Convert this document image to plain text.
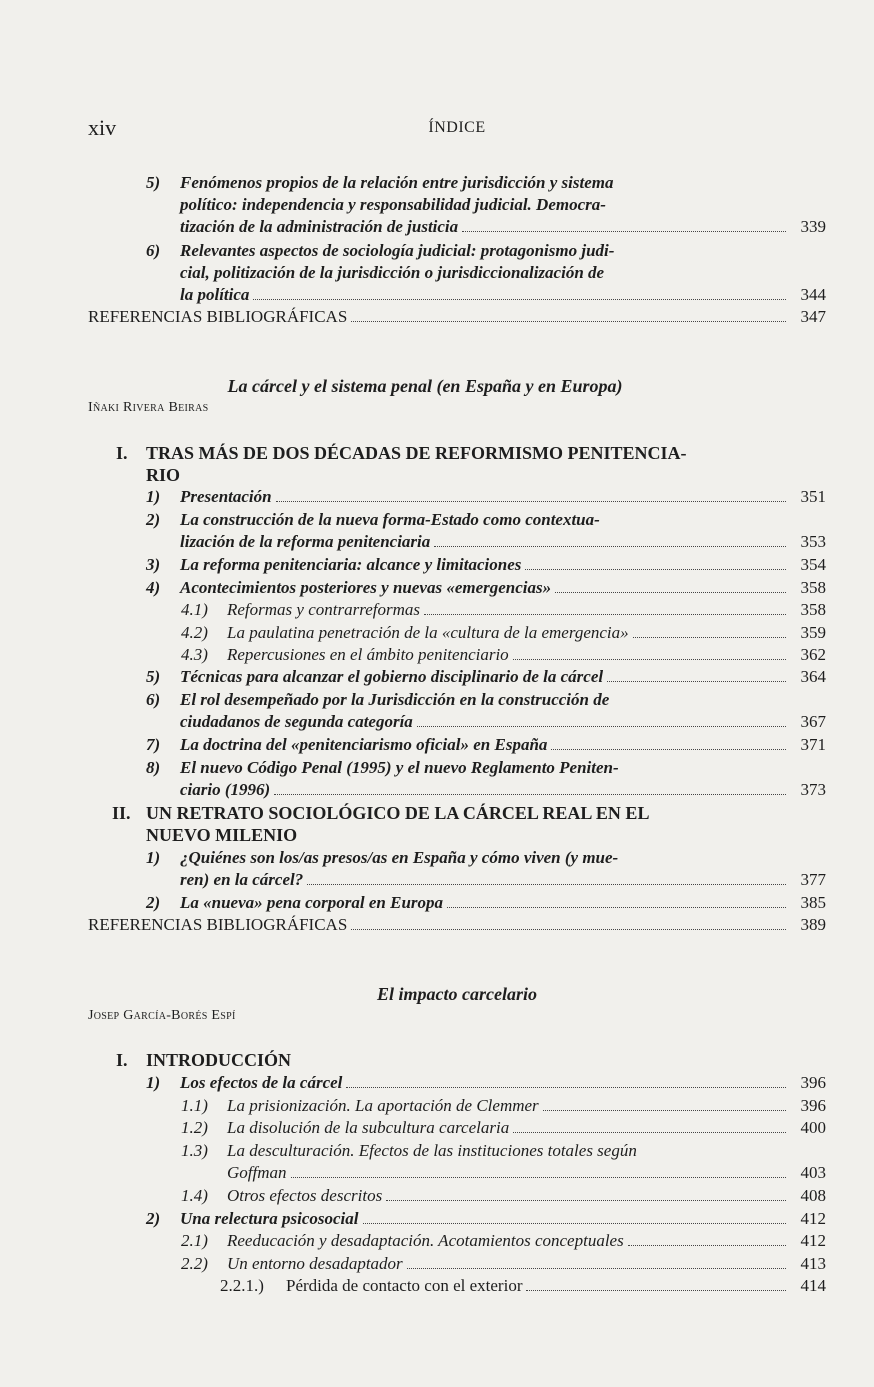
xiv	ÍNDICE
5) Fenómenos propios de la relación entre jurisdicción y sistema
político: independencia y responsabilidad judicial. Democra-
tización de la administración de justicia	339
6) Relevantes aspectos de sociología judicial: protagonismo judi-
cial, politización de la jurisdicción o jurisdiccionalización de
la política	344
REFERENCIAS BIBLIOGRÁFICAS	347
La cárcel y el sistema penal (en España y en Europa)
Iñaki Rivera Beiras
I. TRAS MÁS DE DOS DÉCADAS DE REFORMISMO PENITENCIA-
RIO
1)	Presentación	351
2) La construcción de la nueva forma-Estado como contextua-
lización de la reforma penitenciaria	353
3)	La reforma penitenciaria: alcance y limitaciones	354
4)	Acontecimientos posteriores y nuevas «emergencias»	358
4.1)	Reformas y contrarreformas	358
4.2)	La paulatina penetración de la «cultura de la emergencia»	359
4.3)	Repercusiones en el ámbito penitenciario	362
5)	Técnicas para alcanzar el gobierno disciplinario de la cárcel	364
6) El rol desempeñado por la Jurisdicción en la construcción de
ciudadanos de segunda categoría	367
7)	La doctrina del «penitenciarismo oficial» en España	371
8) El nuevo Código Penal (1995) y el nuevo Reglamento Peniten-
ciario (1996)	373
II. UN RETRATO SOCIOLÓGICO DE LA CÁRCEL REAL EN EL
NUEVO MILENIO
1) ¿Quiénes son los/as presos/as en España y cómo viven (y mue-
ren) en la cárcel?	377
2)	La «nueva» pena corporal en Europa	385
REFERENCIAS BIBLIOGRÁFICAS	389
El impacto carcelario
Josep García-Borés Espí
I.	INTRODUCCIÓN
1)	Los efectos de la cárcel	396
1.1)	La prisionización. La aportación de Clemmer	396
1.2)	La disolución de la subcultura carcelaria	400
1.3) La desculturación. Efectos de las instituciones totales según
Goffman	403
1.4)	Otros efectos descritos	408
2)	Una relectura psicosocial	412
2.1)	Reeducación y desadaptación. Acotamientos conceptuales	412
2.2)	Un entorno desadaptador	413
2.2.1.)	Pérdida de contacto con el exterior	414
